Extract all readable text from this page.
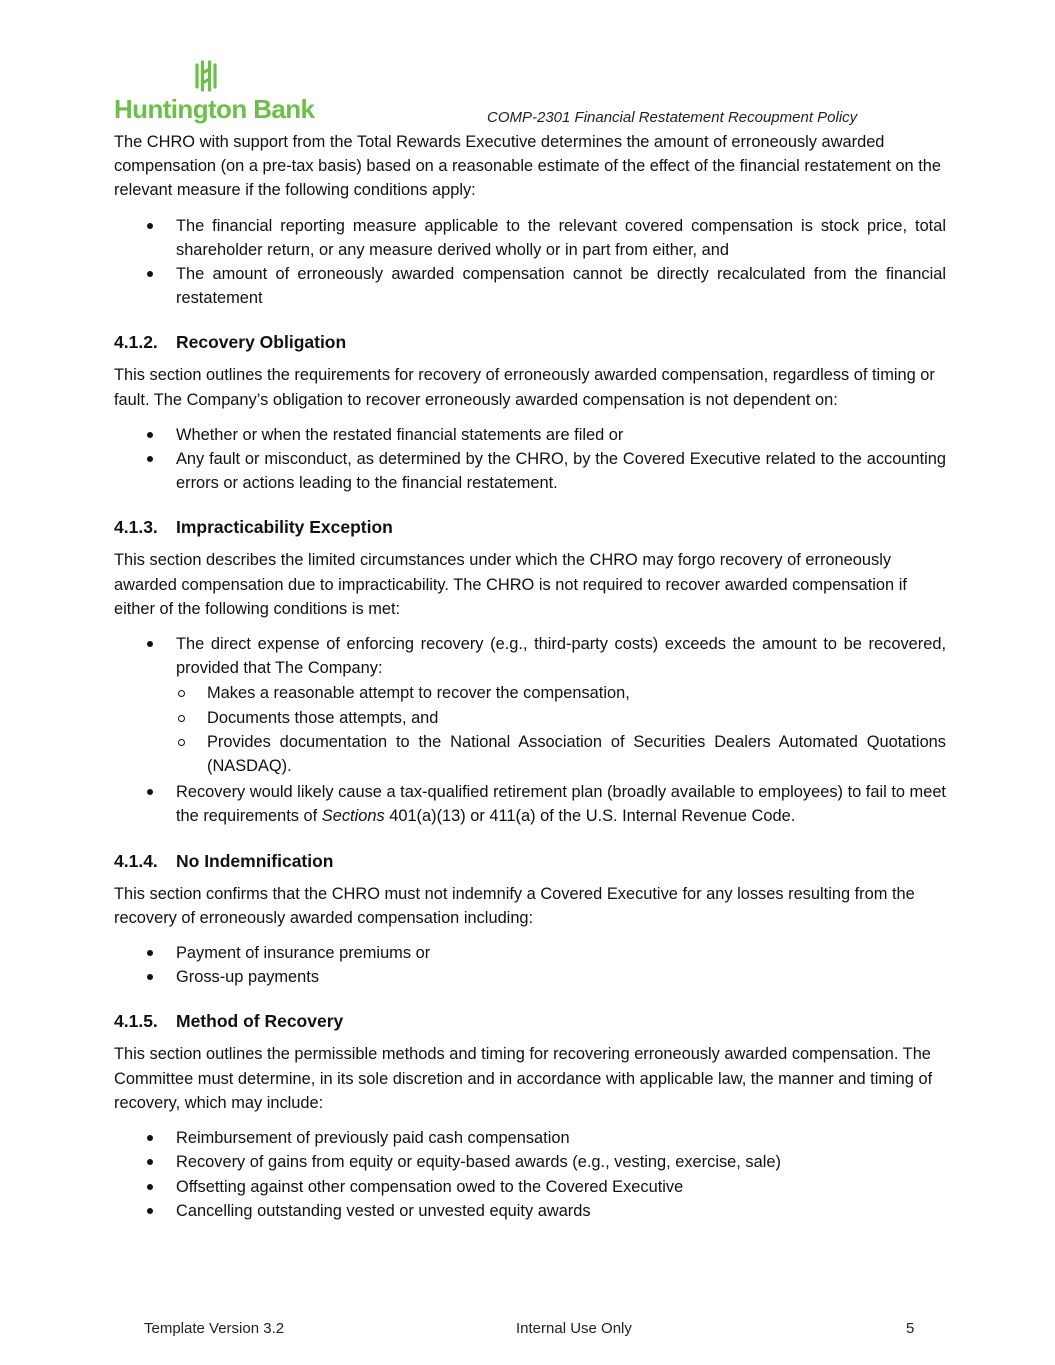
Huntington Bank	COMP-2301 Financial Restatement Recoupment Policy

The CHRO with support from the Total Rewards Executive determines the amount of erroneously awarded compensation (on a pre-tax basis) based on a reasonable estimate of the effect of the financial restatement on the relevant measure if the following conditions apply:

The financial reporting measure applicable to the relevant covered compensation is stock price, total shareholder return, or any measure derived wholly or in part from either, and
The amount of erroneously awarded compensation cannot be directly recalculated from the financial restatement
4.1.2.	Recovery Obligation

This section outlines the requirements for recovery of erroneously awarded compensation, regardless of timing or fault. The Company’s obligation to recover erroneously awarded compensation is not dependent on:

Whether or when the restated financial statements are filed or
Any fault or misconduct, as determined by the CHRO, by the Covered Executive related to the accounting errors or actions leading to the financial restatement.
4.1.3.	Impracticability Exception

This section describes the limited circumstances under which the CHRO may forgo recovery of erroneously awarded compensation due to impracticability. The CHRO is not required to recover awarded compensation if either of the following conditions is met:

The direct expense of enforcing recovery (e.g., third-party costs) exceeds the amount to be recovered, provided that The Company:
Makes a reasonable attempt to recover the compensation,
Documents those attempts, and
Provides documentation to the National Association of Securities Dealers Automated Quotations (NASDAQ).
Recovery would likely cause a tax-qualified retirement plan (broadly available to employees) to fail to meet the requirements of Sections 401(a)(13) or 411(a) of the U.S. Internal Revenue Code.
4.1.4.	No Indemnification

This section confirms that the CHRO must not indemnify a Covered Executive for any losses resulting from the recovery of erroneously awarded compensation including:

Payment of insurance premiums or
Gross-up payments
4.1.5.	Method of Recovery

This section outlines the permissible methods and timing for recovering erroneously awarded compensation. The Committee must determine, in its sole discretion and in accordance with applicable law, the manner and timing of recovery, which may include:

Reimbursement of previously paid cash compensation
Recovery of gains from equity or equity-based awards (e.g., vesting, exercise, sale)
Offsetting against other compensation owed to the Covered Executive
Cancelling outstanding vested or unvested equity awards
Template Version 3.2	Internal Use Only	5
